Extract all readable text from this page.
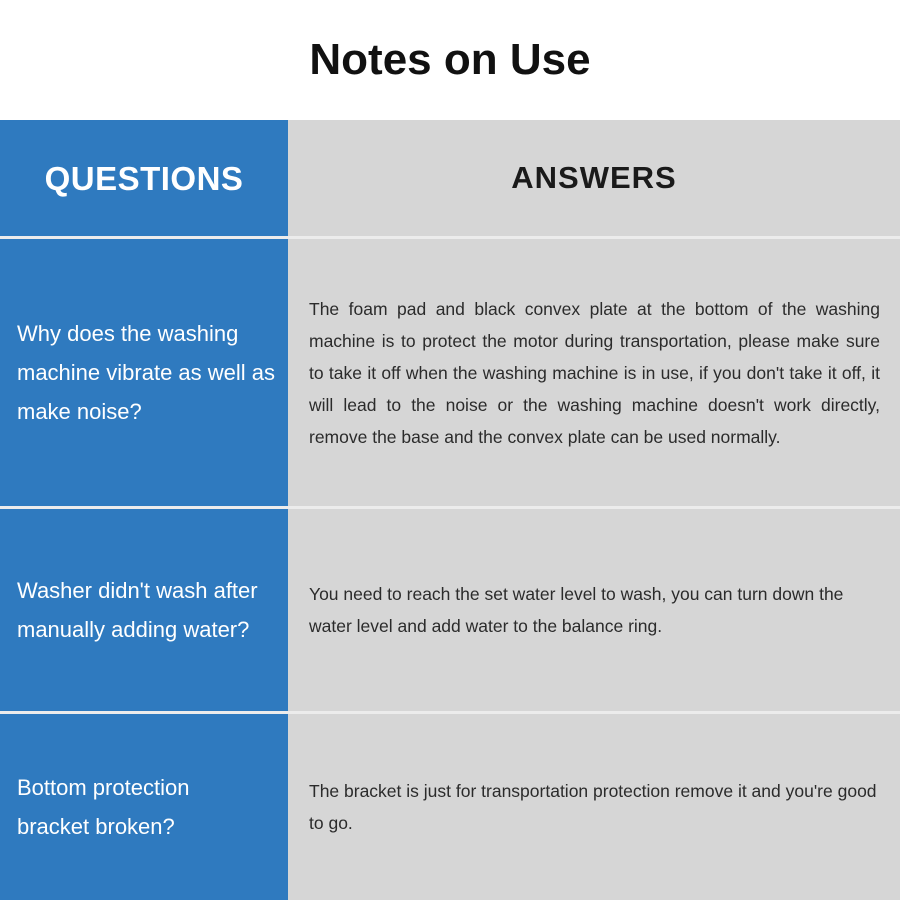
Notes on Use
QUESTIONS	ANSWERS
Why does the washing machine vibrate as well as make noise?
The foam pad and black convex plate at the bottom of the washing machine is to protect the motor during transportation, please make sure to take it off when the washing machine is in use, if you don't take it off, it will lead to the noise or the washing machine doesn't work directly, remove the base and the convex plate can be used normally.
Washer didn't wash after manually adding water?
You need to reach the set water level to wash, you can turn down the water level and add water to the balance ring.
Bottom protection bracket broken?
The bracket is just for transportation protection remove it and you're good to go.
